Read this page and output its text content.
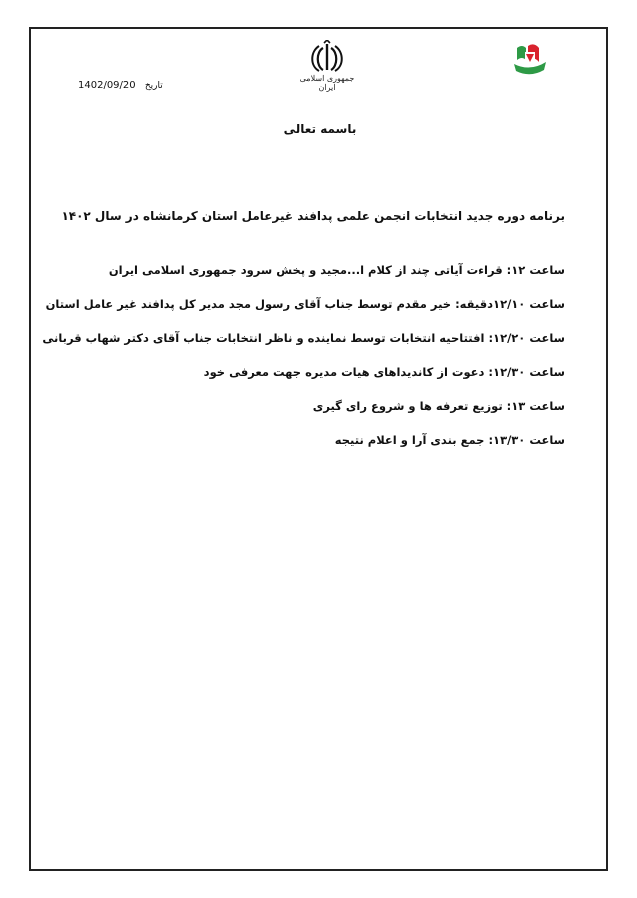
جمهوری اسلامی ایران
1402/09/20 تاریخ
باسمه تعالی
برنامه دوره جدید انتخابات انجمن علمی پدافند غیرعامل استان کرمانشاه در سال ۱۴۰۲
ساعت ۱۲: قراءت آیاتی چند از کلام ا...مجید و پخش سرود جمهوری اسلامی ایران
ساعت ۱۲/۱۰دقیقه: خیر مقدم توسط جناب آقای رسول مجد مدیر کل پدافند غیر عامل استان
ساعت ۱۲/۲۰: افتتاحیه انتخابات توسط نماینده و ناظر انتخابات جناب آقای دکتر شهاب قربانی
ساعت ۱۲/۳۰: دعوت از کاندیداهای هیات مدیره جهت معرفی خود
ساعت ۱۳: توزیع تعرفه ها و شروع رای گیری
ساعت ۱۳/۳۰: جمع بندی آرا و اعلام نتیجه
